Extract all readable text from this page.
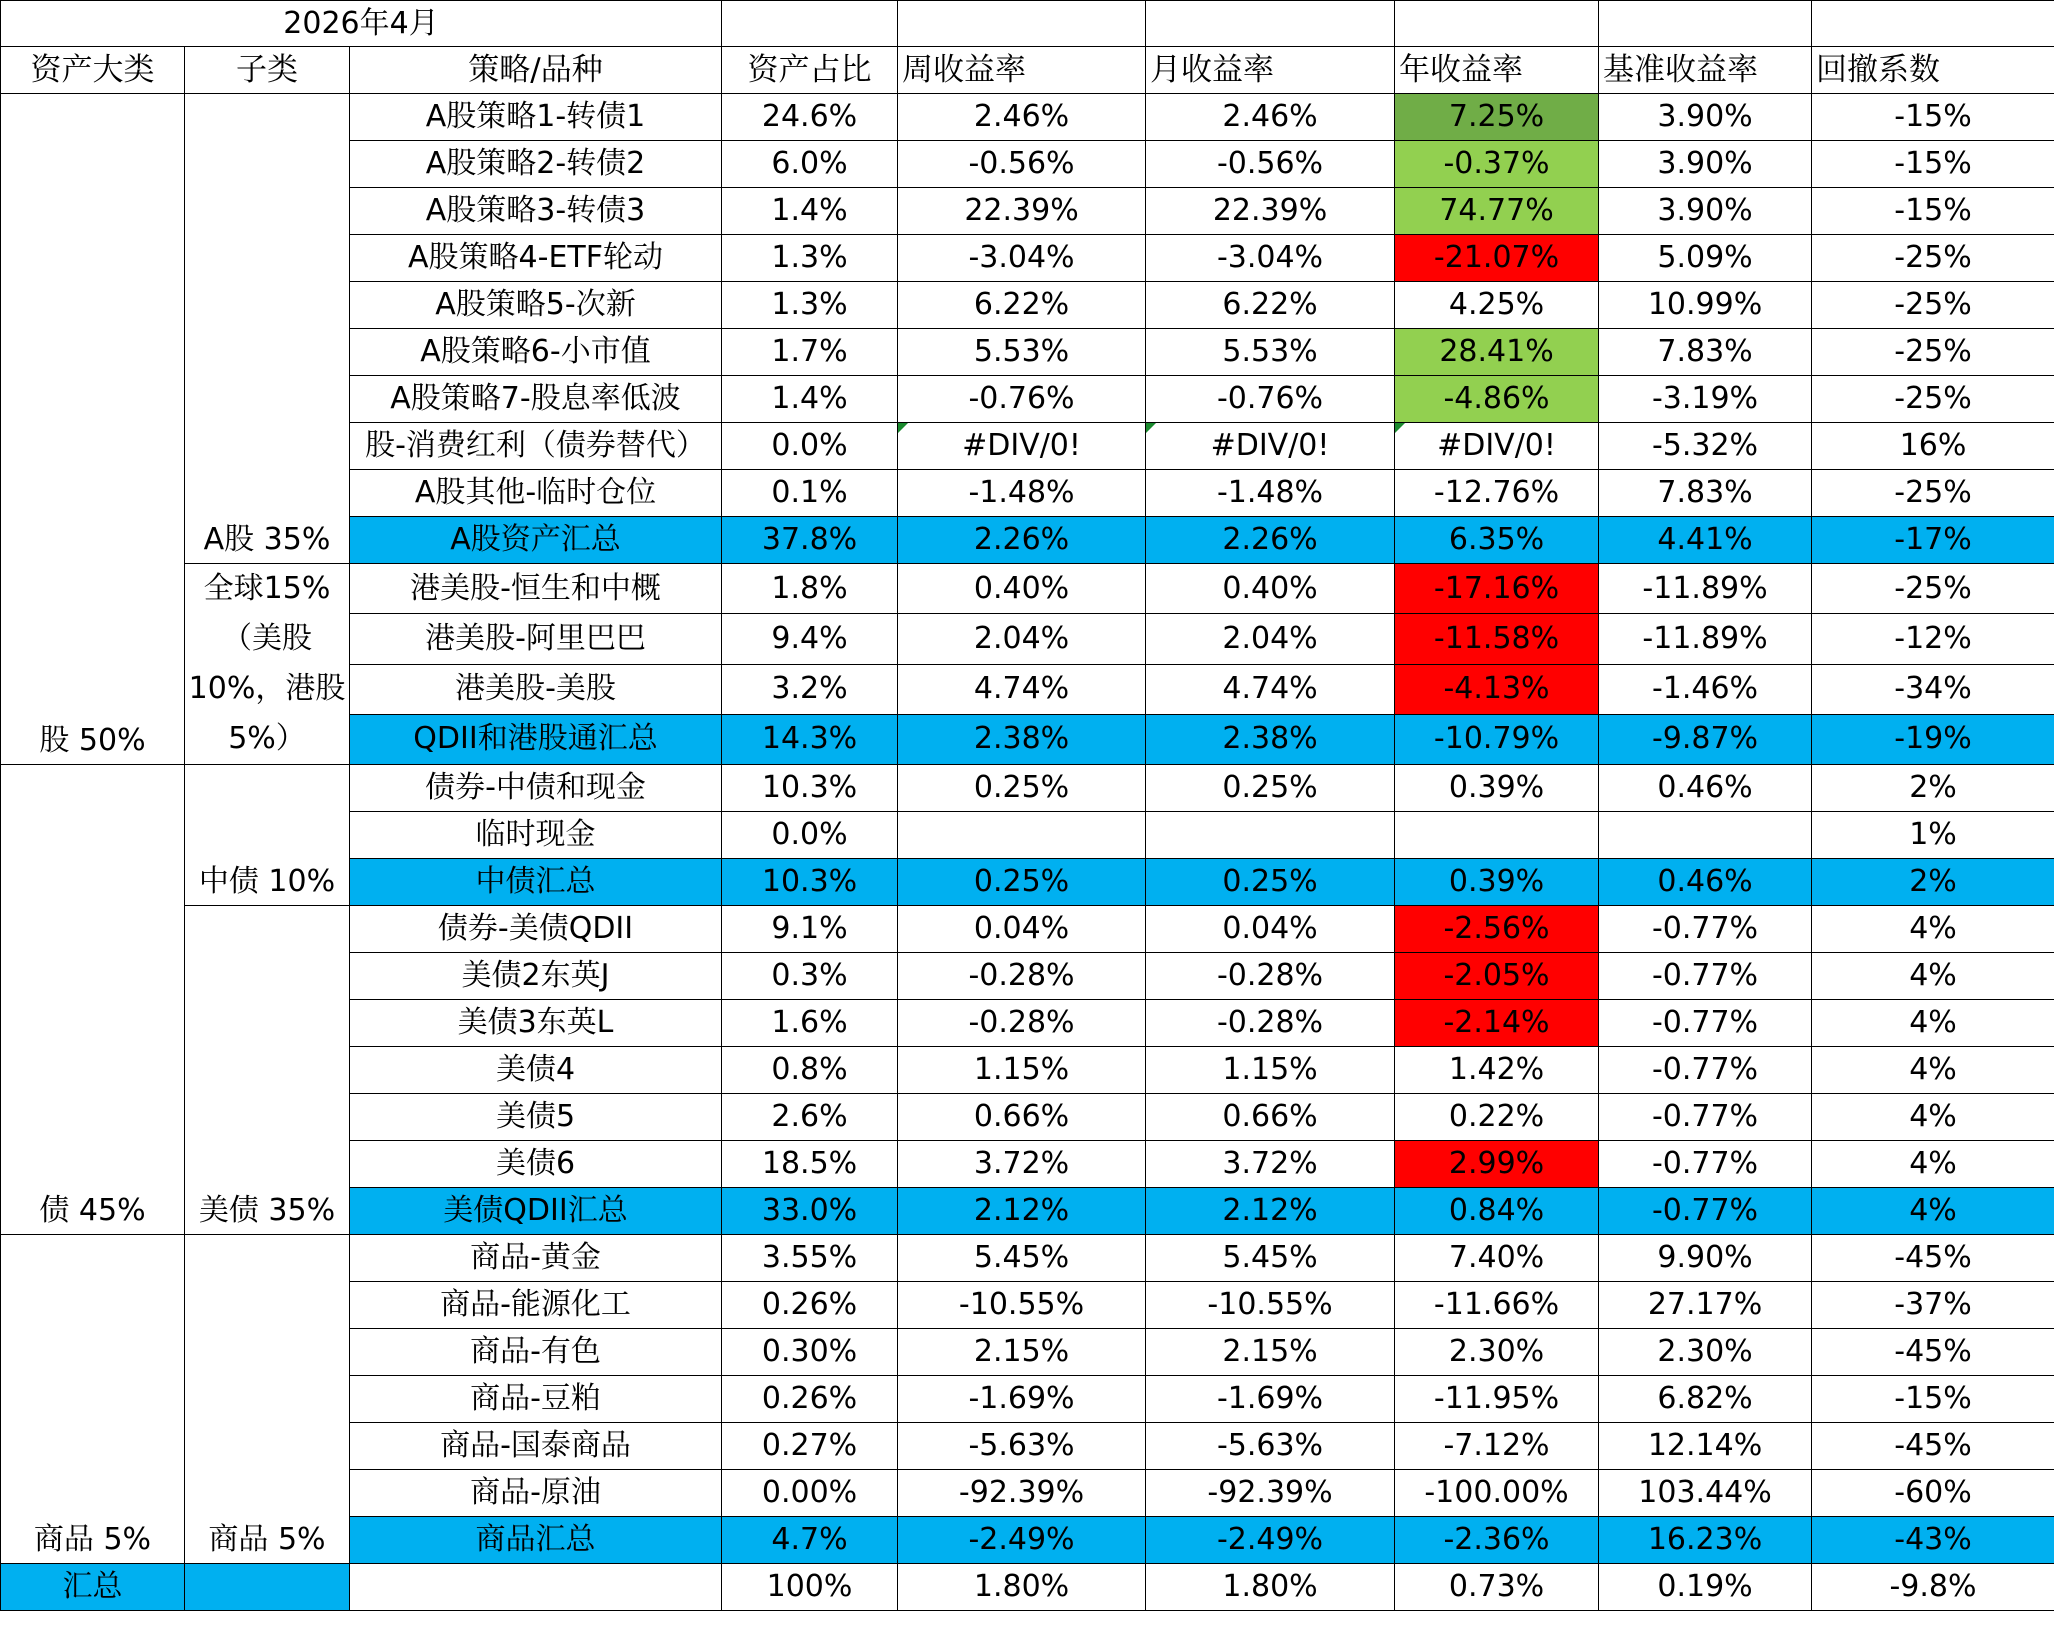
2026年4月								
资产大类	子类	策略/品种	资产占比	周收益率	月收益率	年收益率	基准收益率	回撤系数
股 50%	A股 35%	A股策略1-转债1	24.6%	2.46%	2.46%	7.25%	3.90%	-15%
		A股策略2-转债2	6.0%	-0.56%	-0.56%	-0.37%	3.90%	-15%
		A股策略3-转债3	1.4%	22.39%	22.39%	74.77%	3.90%	-15%
		A股策略4-ETF轮动	1.3%	-3.04%	-3.04%	-21.07%	5.09%	-25%
		A股策略5-次新	1.3%	6.22%	6.22%	4.25%	10.99%	-25%
		A股策略6-小市值	1.7%	5.53%	5.53%	28.41%	7.83%	-25%
		A股策略7-股息率低波	1.4%	-0.76%	-0.76%	-4.86%	-3.19%	-25%
		股-消费红利（债券替代）	0.0%	#DIV/0!	#DIV/0!	#DIV/0!	-5.32%	16%
		A股其他-临时仓位	0.1%	-1.48%	-1.48%	-12.76%	7.83%	-25%
		A股资产汇总	37.8%	2.26%	2.26%	6.35%	4.41%	-17%
	全球15%（美股10%，港股5%）	港美股-恒生和中概	1.8%	0.40%	0.40%	-17.16%	-11.89%	-25%
		港美股-阿里巴巴	9.4%	2.04%	2.04%	-11.58%	-11.89%	-12%
		港美股-美股	3.2%	4.74%	4.74%	-4.13%	-1.46%	-34%
		QDII和港股通汇总	14.3%	2.38%	2.38%	-10.79%	-9.87%	-19%
债 45%	中债 10%	债券-中债和现金	10.3%	0.25%	0.25%	0.39%	0.46%	2%
		临时现金	0.0%					1%
		中债汇总	10.3%	0.25%	0.25%	0.39%	0.46%	2%
	美债 35%	债券-美债QDII	9.1%	0.04%	0.04%	-2.56%	-0.77%	4%
		美债2东英J	0.3%	-0.28%	-0.28%	-2.05%	-0.77%	4%
		美债3东英L	1.6%	-0.28%	-0.28%	-2.14%	-0.77%	4%
		美债4	0.8%	1.15%	1.15%	1.42%	-0.77%	4%
		美债5	2.6%	0.66%	0.66%	0.22%	-0.77%	4%
		美债6	18.5%	3.72%	3.72%	2.99%	-0.77%	4%
		美债QDII汇总	33.0%	2.12%	2.12%	0.84%	-0.77%	4%
商品 5%	商品 5%	商品-黄金	3.55%	5.45%	5.45%	7.40%	9.90%	-45%
		商品-能源化工	0.26%	-10.55%	-10.55%	-11.66%	27.17%	-37%
		商品-有色	0.30%	2.15%	2.15%	2.30%	2.30%	-45%
		商品-豆粕	0.26%	-1.69%	-1.69%	-11.95%	6.82%	-15%
		商品-国泰商品	0.27%	-5.63%	-5.63%	-7.12%	12.14%	-45%
		商品-原油	0.00%	-92.39%	-92.39%	-100.00%	103.44%	-60%
		商品汇总	4.7%	-2.49%	-2.49%	-2.36%	16.23%	-43%
汇总			100%	1.80%	1.80%	0.73%	0.19%	-9.8%
